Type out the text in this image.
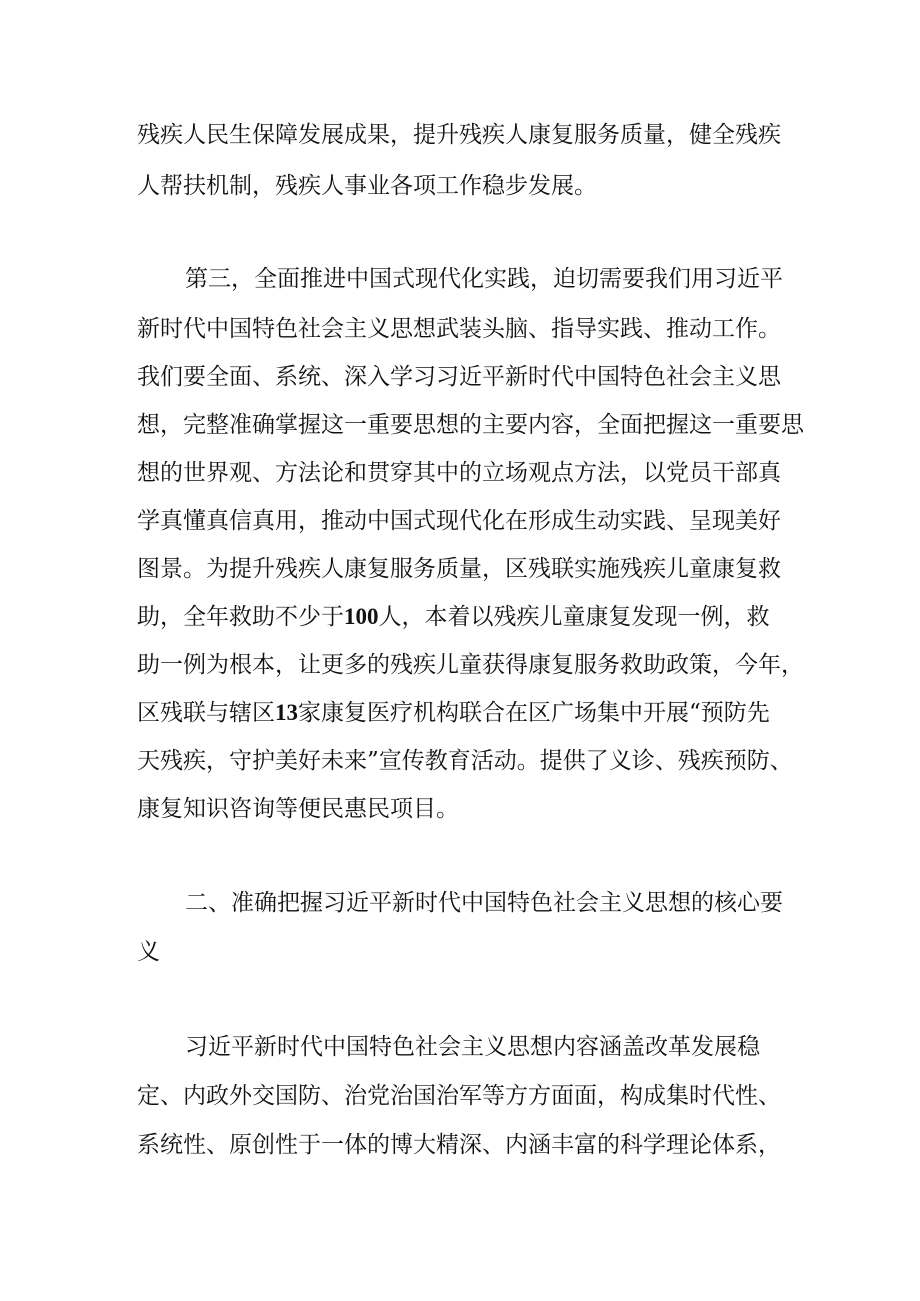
残疾人民生保障发展成果，提升残疾人康复服务质量，健全残疾
人帮扶机制，残疾人事业各项工作稳步发展。
第三，全面推进中国式现代化实践，迫切需要我们用习近平
新时代中国特色社会主义思想武装头脑、指导实践、推动工作。
我们要全面、系统、深入学习习近平新时代中国特色社会主义思
想，完整准确掌握这一重要思想的主要内容，全面把握这一重要思
想的世界观、方法论和贯穿其中的立场观点方法，以党员干部真
学真懂真信真用，推动中国式现代化在形成生动实践、呈现美好
图景。为提升残疾人康复服务质量，区残联实施残疾儿童康复救
助，全年救助不少于100人，本着以残疾儿童康复发现一例，救
助一例为根本，让更多的残疾儿童获得康复服务救助政策，今年，
区残联与辖区13家康复医疗机构联合在区广场集中开展“预防先
天残疾，守护美好未来”宣传教育活动。提供了义诊、残疾预防、
康复知识咨询等便民惠民项目。
二、准确把握习近平新时代中国特色社会主义思想的核心要
义
习近平新时代中国特色社会主义思想内容涵盖改革发展稳
定、内政外交国防、治党治国治军等方方面面，构成集时代性、
系统性、原创性于一体的博大精深、内涵丰富的科学理论体系，
